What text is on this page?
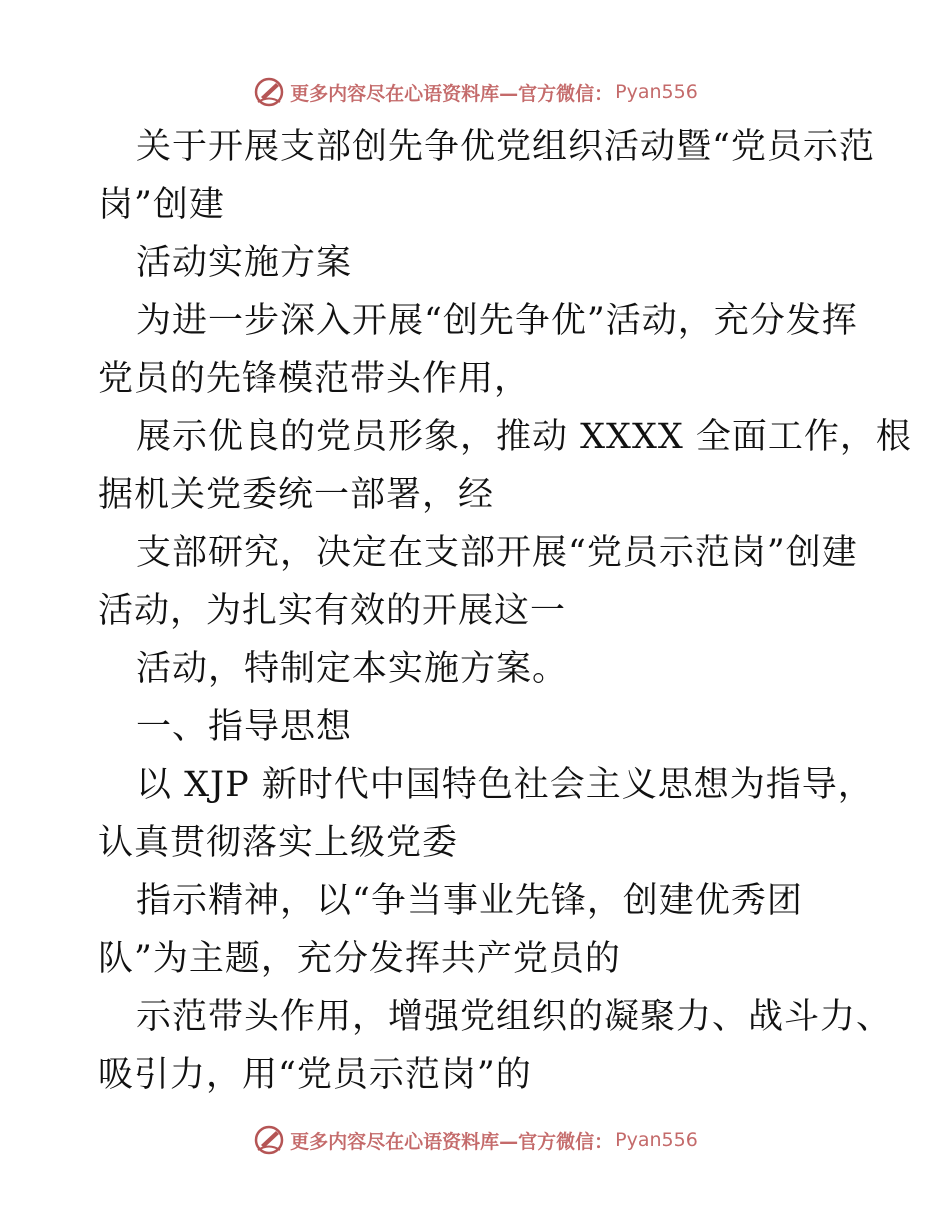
更多内容尽在心语资料库—官方微信： Pyan556
关于开展支部创先争优党组织活动暨“党员示范
岗”创建
活动实施方案
为进一步深入开展“创先争优”活动，充分发挥
党员的先锋模范带头作用，
展示优良的党员形象，推动 XXXX 全面工作，根
据机关党委统一部署，经
支部研究，决定在支部开展“党员示范岗”创建
活动，为扎实有效的开展这一
活动，特制定本实施方案。
一、指导思想
以 XJP 新时代中国特色社会主义思想为指导，
认真贯彻落实上级党委
指示精神，以“争当事业先锋，创建优秀团
队”为主题，充分发挥共产党员的
示范带头作用，增强党组织的凝聚力、战斗力、
吸引力，用“党员示范岗”的
更多内容尽在心语资料库—官方微信： Pyan556
